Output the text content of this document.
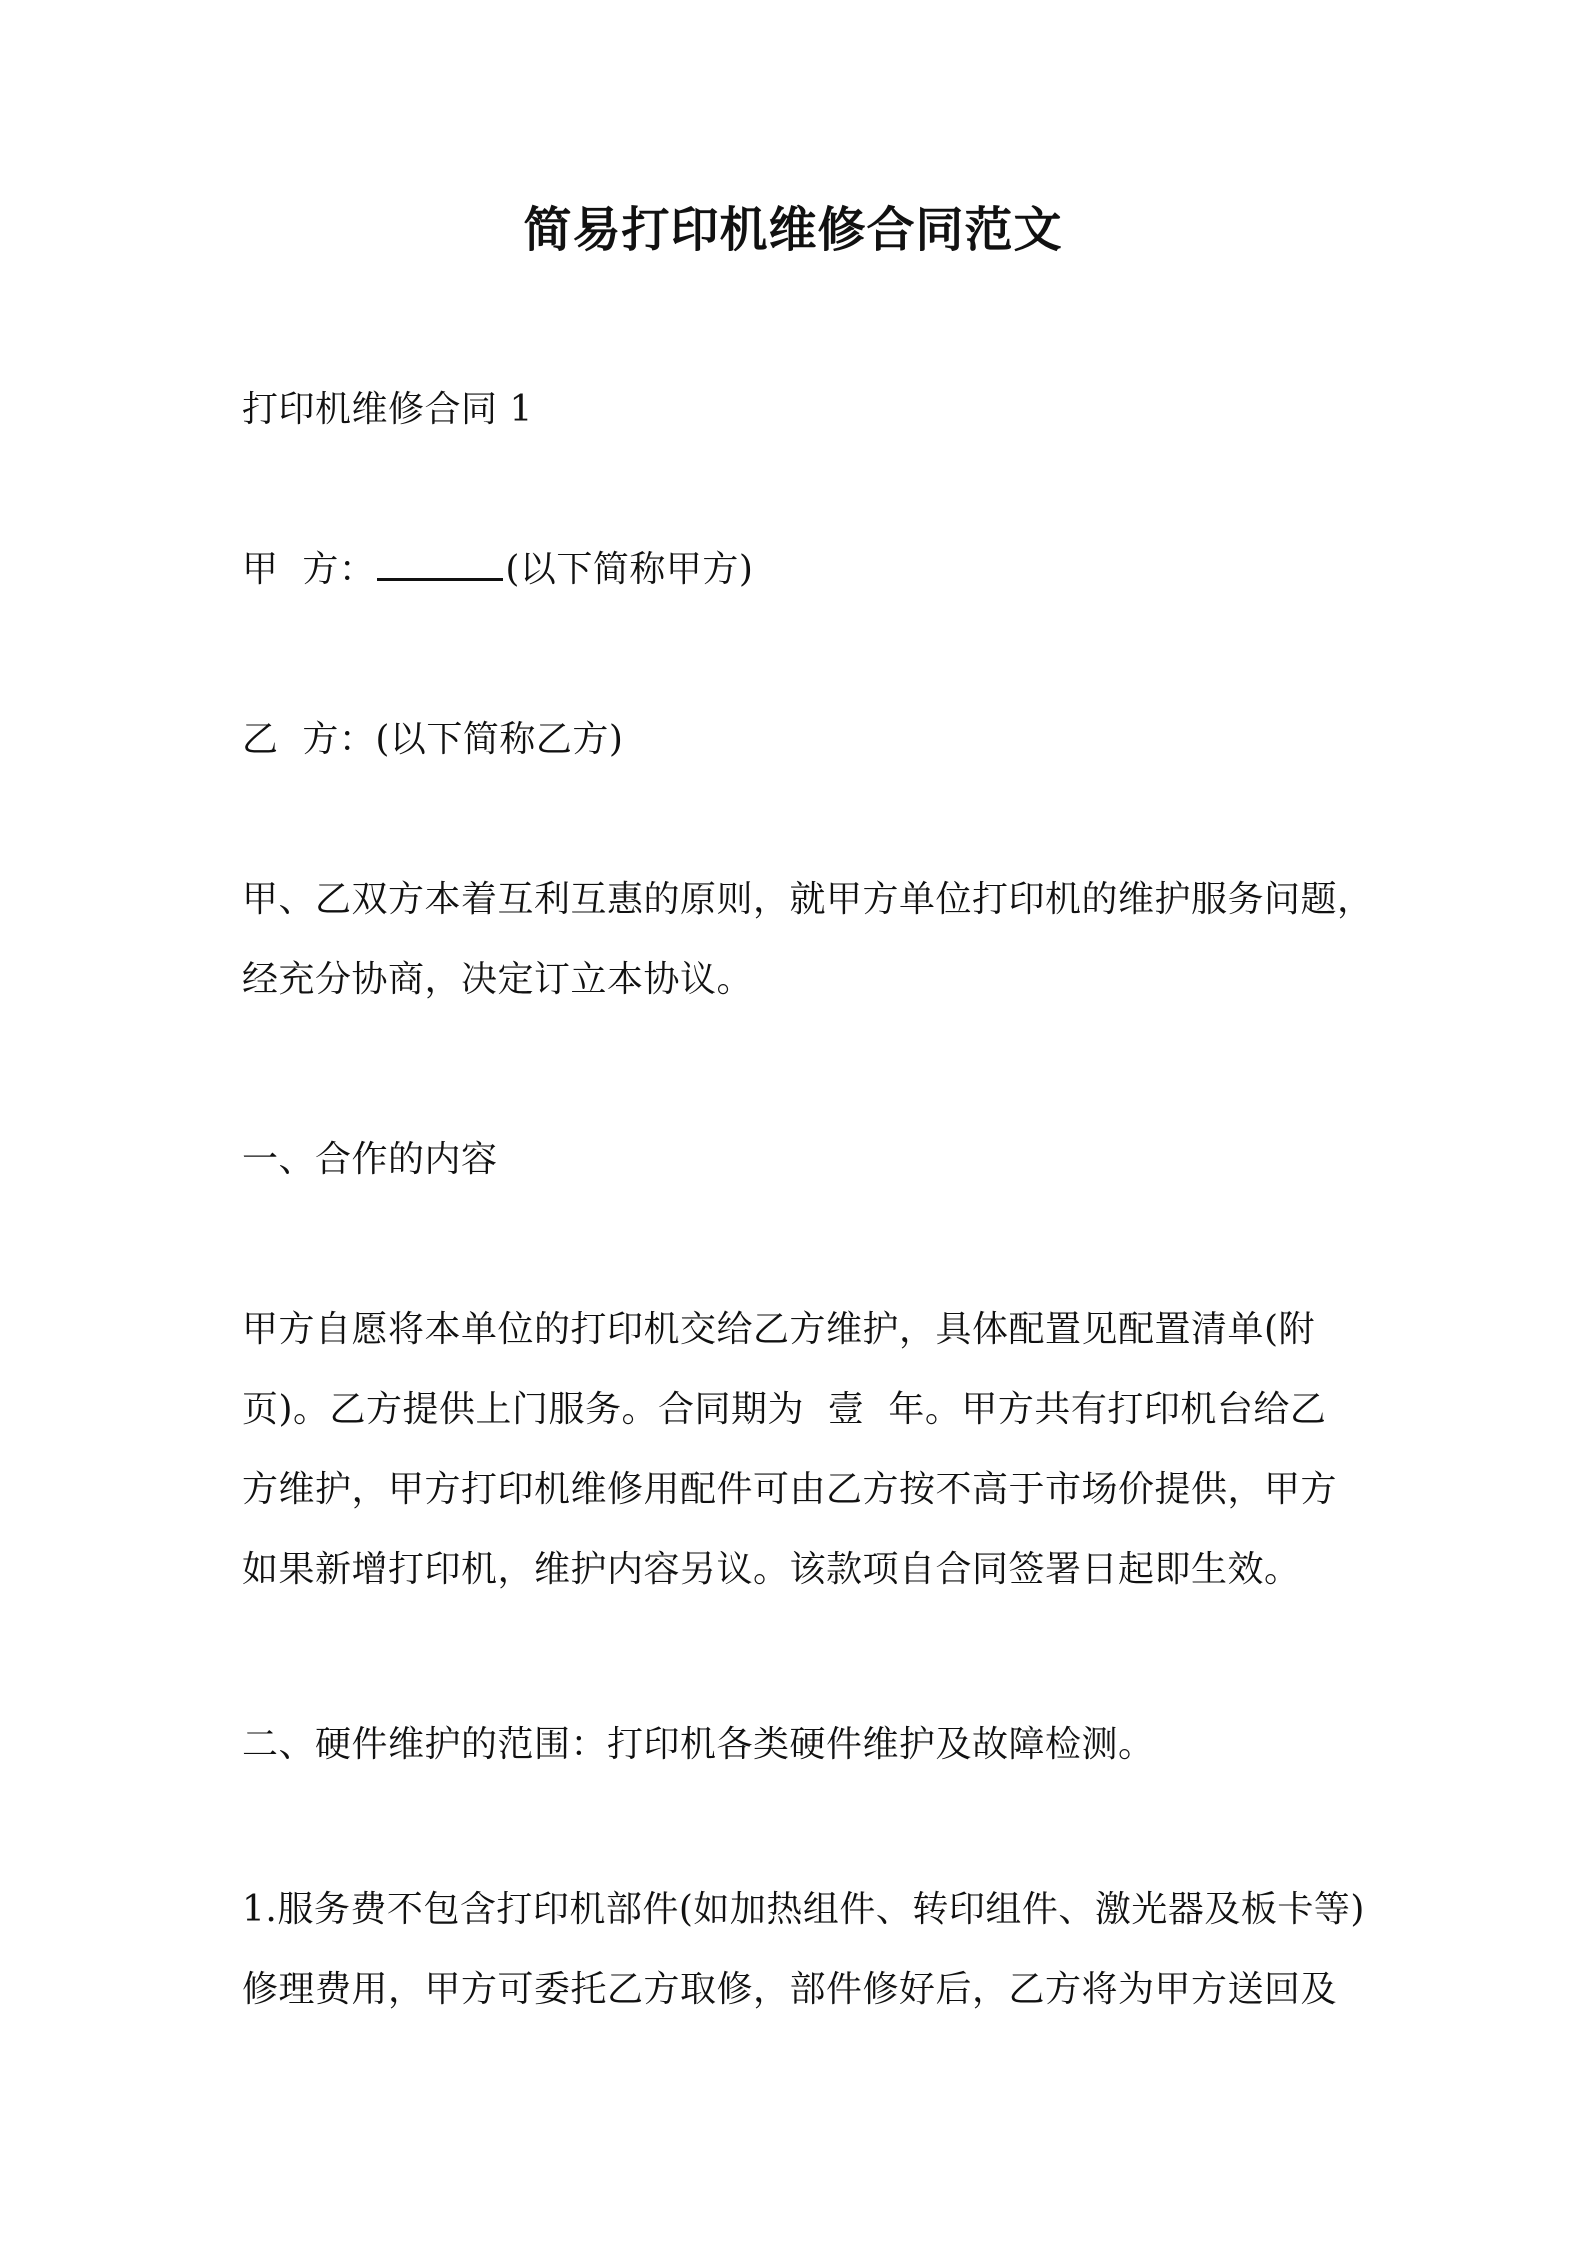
简易打印机维修合同范文
打印机维修合同 1
甲  方：	(以下简称甲方)
乙  方：(以下简称乙方)
甲、乙双方本着互利互惠的原则，就甲方单位打印机的维护服务问题，
经充分协商，决定订立本协议。
一、合作的内容
甲方自愿将本单位的打印机交给乙方维护，具体配置见配置清单(附
页)。乙方提供上门服务。合同期为  壹  年。甲方共有打印机台给乙
方维护，甲方打印机维修用配件可由乙方按不高于市场价提供，甲方
如果新增打印机，维护内容另议。该款项自合同签署日起即生效。
二、硬件维护的范围：打印机各类硬件维护及故障检测。
1.服务费不包含打印机部件(如加热组件、转印组件、激光器及板卡等)
修理费用，甲方可委托乙方取修，部件修好后，乙方将为甲方送回及
